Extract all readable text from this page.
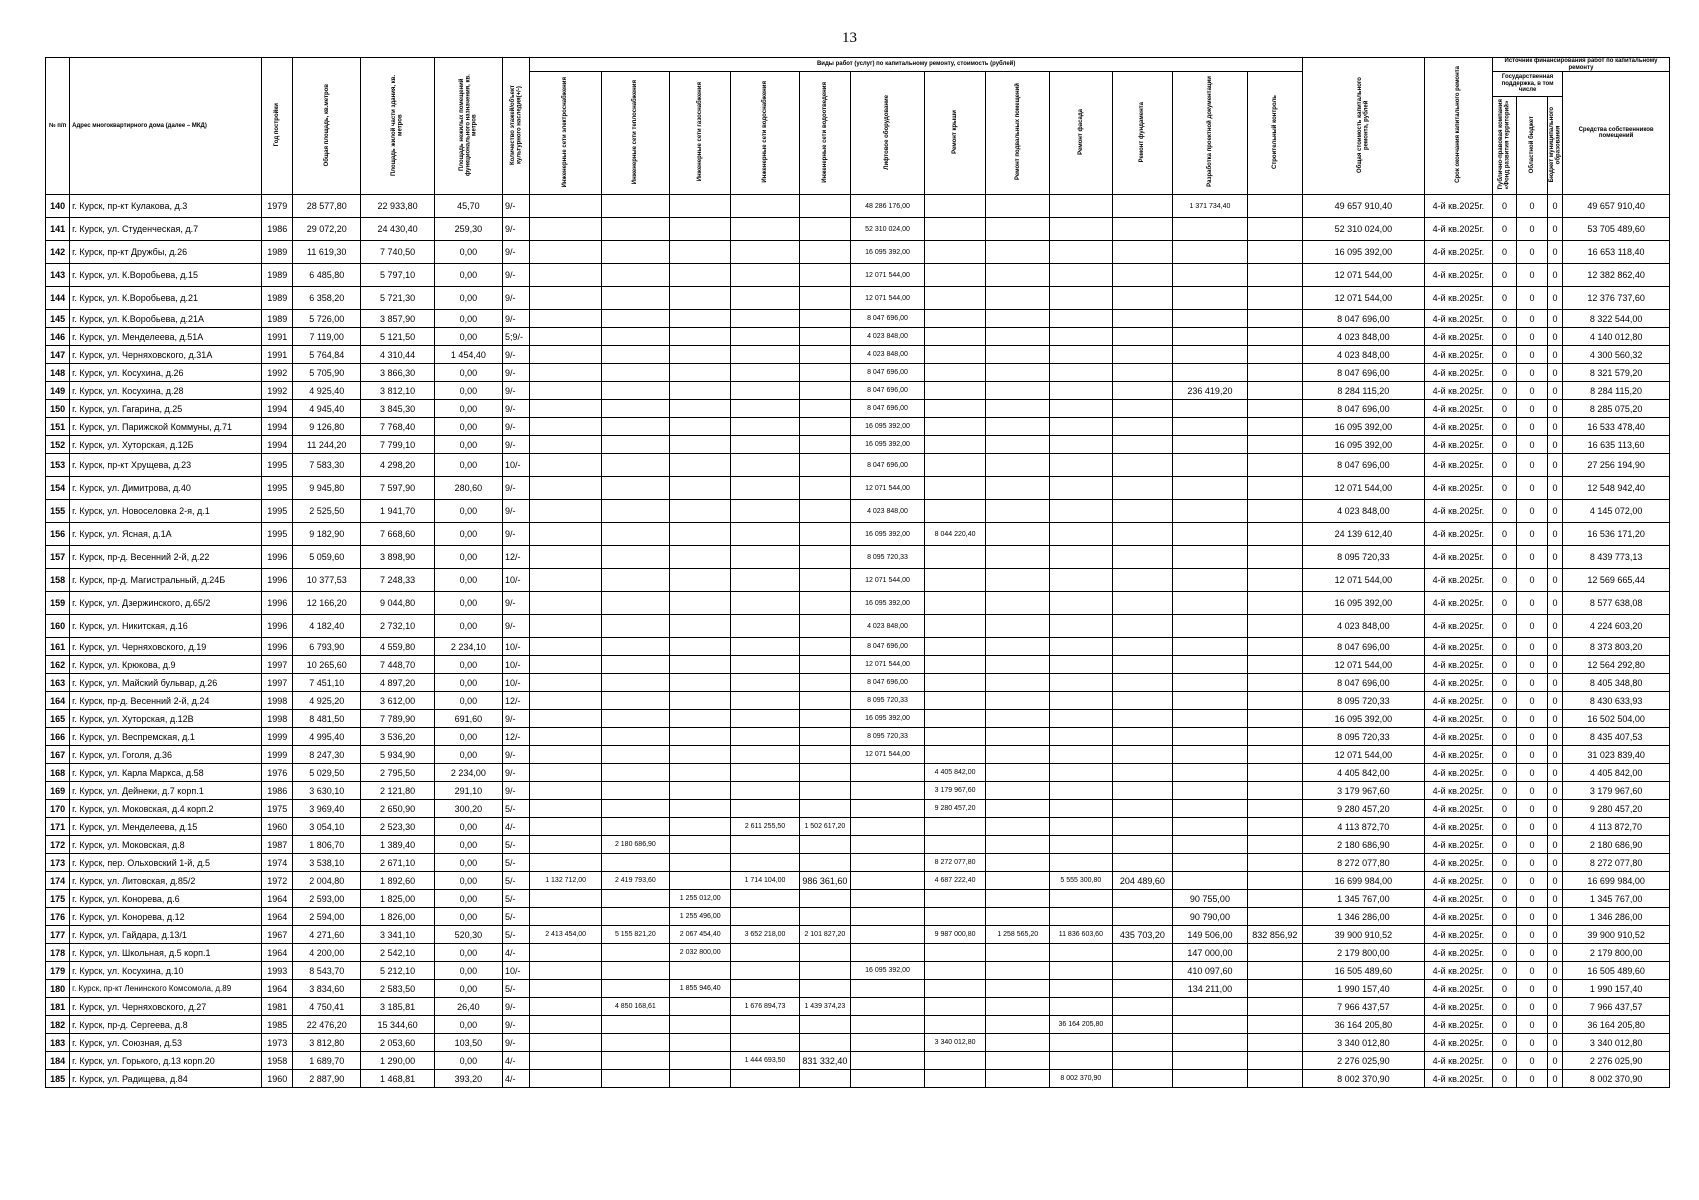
13
№ п/п	Адрес многоквартирного дома (далее – МКД)	Год постройки	Общая площадь, кв.метров	Площадь жилой части здания, кв. метров	Площадь нежилых помещений функционального назначения, кв. метров	Количество этажей/объект культурного наследия(+/-)	Виды работ (услуг) по капитальному ремонту, стоимость (рублей)												Общая стоимость капитального ремонта, рублей	Срок окончания капитального ремонта	Источник финансирования работ по капитальному ремонту			
							Инженерные сети электроснабжения	Инженерные сети теплоснабжения	Инженерные сети газоснабжения	Инженерные сети водоснабжения	Инженерные сети водоотведения	Лифтовое оборудование	Ремонт крыши	Ремонт подвальных помещений	Ремонт фасада	Ремонт фундамента	Разработка проектной документации	Строительный контроль			Государственная поддержка, в том числе			Средства собственников помещений
																					Публично-правовая компания «Фонд развития территорий»	Областной бюджет	Бюджет муниципального образования	
140	г. Курск, пр-кт Кулакова, д.3	1979	28 577,80	22 933,80	45,70	9/-						48 286 176,00					1 371 734,40		49 657 910,40	4-й кв.2025г.	0	0	0	49 657 910,40
141	г. Курск, ул. Студенческая, д.7	1986	29 072,20	24 430,40	259,30	9/-						52 310 024,00							52 310 024,00	4-й кв.2025г.	0	0	0	53 705 489,60
142	г. Курск, пр-кт Дружбы, д.26	1989	11 619,30	7 740,50	0,00	9/-						16 095 392,00							16 095 392,00	4-й кв.2025г.	0	0	0	16 653 118,40
143	г. Курск, ул. К.Воробьева, д.15	1989	6 485,80	5 797,10	0,00	9/-						12 071 544,00							12 071 544,00	4-й кв.2025г.	0	0	0	12 382 862,40
144	г. Курск, ул. К.Воробьева, д.21	1989	6 358,20	5 721,30	0,00	9/-						12 071 544,00							12 071 544,00	4-й кв.2025г.	0	0	0	12 376 737,60
145	г. Курск, ул. К.Воробьева, д.21А	1989	5 726,00	3 857,90	0,00	9/-						8 047 696,00							8 047 696,00	4-й кв.2025г.	0	0	0	8 322 544,00
146	г. Курск, ул. Менделеева, д.51А	1991	7 119,00	5 121,50	0,00	5;9/-						4 023 848,00							4 023 848,00	4-й кв.2025г.	0	0	0	4 140 012,80
147	г. Курск, ул. Черняховского, д.31А	1991	5 764,84	4 310,44	1 454,40	9/-						4 023 848,00							4 023 848,00	4-й кв.2025г.	0	0	0	4 300 560,32
148	г. Курск, ул. Косухина, д.26	1992	5 705,90	3 866,30	0,00	9/-						8 047 696,00							8 047 696,00	4-й кв.2025г.	0	0	0	8 321 579,20
149	г. Курск, ул. Косухина, д.28	1992	4 925,40	3 812,10	0,00	9/-						8 047 696,00					236 419,20		8 284 115,20	4-й кв.2025г.	0	0	0	8 284 115,20
150	г. Курск, ул. Гагарина, д.25	1994	4 945,40	3 845,30	0,00	9/-						8 047 696,00							8 047 696,00	4-й кв.2025г.	0	0	0	8 285 075,20
151	г. Курск, ул. Парижской Коммуны, д.71	1994	9 126,80	7 768,40	0,00	9/-						16 095 392,00							16 095 392,00	4-й кв.2025г.	0	0	0	16 533 478,40
152	г. Курск, ул. Хуторская, д.12Б	1994	11 244,20	7 799,10	0,00	9/-						16 095 392,00							16 095 392,00	4-й кв.2025г.	0	0	0	16 635 113,60
153	г. Курск, пр-кт Хрущева, д.23	1995	7 583,30	4 298,20	0,00	10/-						8 047 696,00							8 047 696,00	4-й кв.2025г.	0	0	0	27 256 194,90
154	г. Курск, ул. Димитрова, д.40	1995	9 945,80	7 597,90	280,60	9/-						12 071 544,00							12 071 544,00	4-й кв.2025г.	0	0	0	12 548 942,40
155	г. Курск, ул. Новоселовка 2-я, д.1	1995	2 525,50	1 941,70	0,00	9/-						4 023 848,00							4 023 848,00	4-й кв.2025г.	0	0	0	4 145 072,00
156	г. Курск, ул. Ясная, д.1А	1995	9 182,90	7 668,60	0,00	9/-						16 095 392,00	8 044 220,40						24 139 612,40	4-й кв.2025г.	0	0	0	16 536 171,20
157	г. Курск, пр-д. Весенний 2-й, д.22	1996	5 059,60	3 898,90	0,00	12/-						8 095 720,33							8 095 720,33	4-й кв.2025г.	0	0	0	8 439 773,13
158	г. Курск, пр-д. Магистральный, д.24Б	1996	10 377,53	7 248,33	0,00	10/-						12 071 544,00							12 071 544,00	4-й кв.2025г.	0	0	0	12 569 665,44
159	г. Курск, ул. Дзержинского, д.65/2	1996	12 166,20	9 044,80	0,00	9/-						16 095 392,00							16 095 392,00	4-й кв.2025г.	0	0	0	8 577 638,08
160	г. Курск, ул. Никитская, д.16	1996	4 182,40	2 732,10	0,00	9/-						4 023 848,00							4 023 848,00	4-й кв.2025г.	0	0	0	4 224 603,20
161	г. Курск, ул. Черняховского, д.19	1996	6 793,90	4 559,80	2 234,10	10/-						8 047 696,00							8 047 696,00	4-й кв.2025г.	0	0	0	8 373 803,20
162	г. Курск, ул. Крюкова, д.9	1997	10 265,60	7 448,70	0,00	10/-						12 071 544,00							12 071 544,00	4-й кв.2025г.	0	0	0	12 564 292,80
163	г. Курск, ул. Майский бульвар, д.26	1997	7 451,10	4 897,20	0,00	10/-						8 047 696,00							8 047 696,00	4-й кв.2025г.	0	0	0	8 405 348,80
164	г. Курск, пр-д. Весенний 2-й, д.24	1998	4 925,20	3 612,00	0,00	12/-						8 095 720,33							8 095 720,33	4-й кв.2025г.	0	0	0	8 430 633,93
165	г. Курск, ул. Хуторская, д.12В	1998	8 481,50	7 789,90	691,60	9/-						16 095 392,00							16 095 392,00	4-й кв.2025г.	0	0	0	16 502 504,00
166	г. Курск, ул. Веспремская, д.1	1999	4 995,40	3 536,20	0,00	12/-						8 095 720,33							8 095 720,33	4-й кв.2025г.	0	0	0	8 435 407,53
167	г. Курск, ул. Гоголя, д.36	1999	8 247,30	5 934,90	0,00	9/-						12 071 544,00							12 071 544,00	4-й кв.2025г.	0	0	0	31 023 839,40
168	г. Курск, ул. Карла Маркса, д.58	1976	5 029,50	2 795,50	2 234,00	9/-							4 405 842,00						4 405 842,00	4-й кв.2025г.	0	0	0	4 405 842,00
169	г. Курск, ул. Дейнеки, д.7 корп.1	1986	3 630,10	2 121,80	291,10	9/-							3 179 967,60						3 179 967,60	4-й кв.2025г.	0	0	0	3 179 967,60
170	г. Курск, ул. Моковская, д.4 корп.2	1975	3 969,40	2 650,90	300,20	5/-							9 280 457,20						9 280 457,20	4-й кв.2025г.	0	0	0	9 280 457,20
171	г. Курск, ул. Менделеева, д.15	1960	3 054,10	2 523,30	0,00	4/-				2 611 255,50	1 502 617,20								4 113 872,70	4-й кв.2025г.	0	0	0	4 113 872,70
172	г. Курск, ул. Моковская, д.8	1987	1 806,70	1 389,40	0,00	5/-		2 180 686,90											2 180 686,90	4-й кв.2025г.	0	0	0	2 180 686,90
173	г. Курск, пер. Ольховский 1-й, д.5	1974	3 538,10	2 671,10	0,00	5/-							8 272 077,80						8 272 077,80	4-й кв.2025г.	0	0	0	8 272 077,80
174	г. Курск, ул. Литовская, д.85/2	1972	2 004,80	1 892,60	0,00	5/-	1 132 712,00	2 419 793,60		1 714 104,00	986 361,60		4 687 222,40		5 555 300,80	204 489,60			16 699 984,00	4-й кв.2025г.	0	0	0	16 699 984,00
175	г. Курск, ул. Конорева, д.6	1964	2 593,00	1 825,00	0,00	5/-			1 255 012,00								90 755,00		1 345 767,00	4-й кв.2025г.	0	0	0	1 345 767,00
176	г. Курск, ул. Конорева, д.12	1964	2 594,00	1 826,00	0,00	5/-			1 255 496,00								90 790,00		1 346 286,00	4-й кв.2025г.	0	0	0	1 346 286,00
177	г. Курск, ул. Гайдара, д.13/1	1967	4 271,60	3 341,10	520,30	5/-	2 413 454,00	5 155 821,20	2 067 454,40	3 652 218,00	2 101 827,20		9 987 000,80	1 258 565,20	11 836 603,60	435 703,20	149 506,00	832 856,92	39 900 910,52	4-й кв.2025г.	0	0	0	39 900 910,52
178	г. Курск, ул. Школьная, д.5 корп.1	1964	4 200,00	2 542,10	0,00	4/-			2 032 800,00								147 000,00		2 179 800,00	4-й кв.2025г.	0	0	0	2 179 800,00
179	г. Курск, ул. Косухина, д.10	1993	8 543,70	5 212,10	0,00	10/-						16 095 392,00					410 097,60		16 505 489,60	4-й кв.2025г.	0	0	0	16 505 489,60
180	г. Курск, пр-кт Ленинского Комсомола, д.89	1964	3 834,60	2 583,50	0,00	5/-			1 855 946,40								134 211,00		1 990 157,40	4-й кв.2025г.	0	0	0	1 990 157,40
181	г. Курск, ул. Черняховского, д.27	1981	4 750,41	3 185,81	26,40	9/-		4 850 168,61		1 676 894,73	1 439 374,23								7 966 437,57	4-й кв.2025г.	0	0	0	7 966 437,57
182	г. Курск, пр-д. Сергеева, д.8	1985	22 476,20	15 344,60	0,00	9/-									36 164 205,80				36 164 205,80	4-й кв.2025г.	0	0	0	36 164 205,80
183	г. Курск, ул. Союзная, д.53	1973	3 812,80	2 053,60	103,50	9/-							3 340 012,80						3 340 012,80	4-й кв.2025г.	0	0	0	3 340 012,80
184	г. Курск, ул. Горького, д.13 корп.20	1958	1 689,70	1 290,00	0,00	4/-				1 444 693,50	831 332,40								2 276 025,90	4-й кв.2025г.	0	0	0	2 276 025,90
185	г. Курск, ул. Радищева, д.84	1960	2 887,90	1 468,81	393,20	4/-									8 002 370,90				8 002 370,90	4-й кв.2025г.	0	0	0	8 002 370,90
